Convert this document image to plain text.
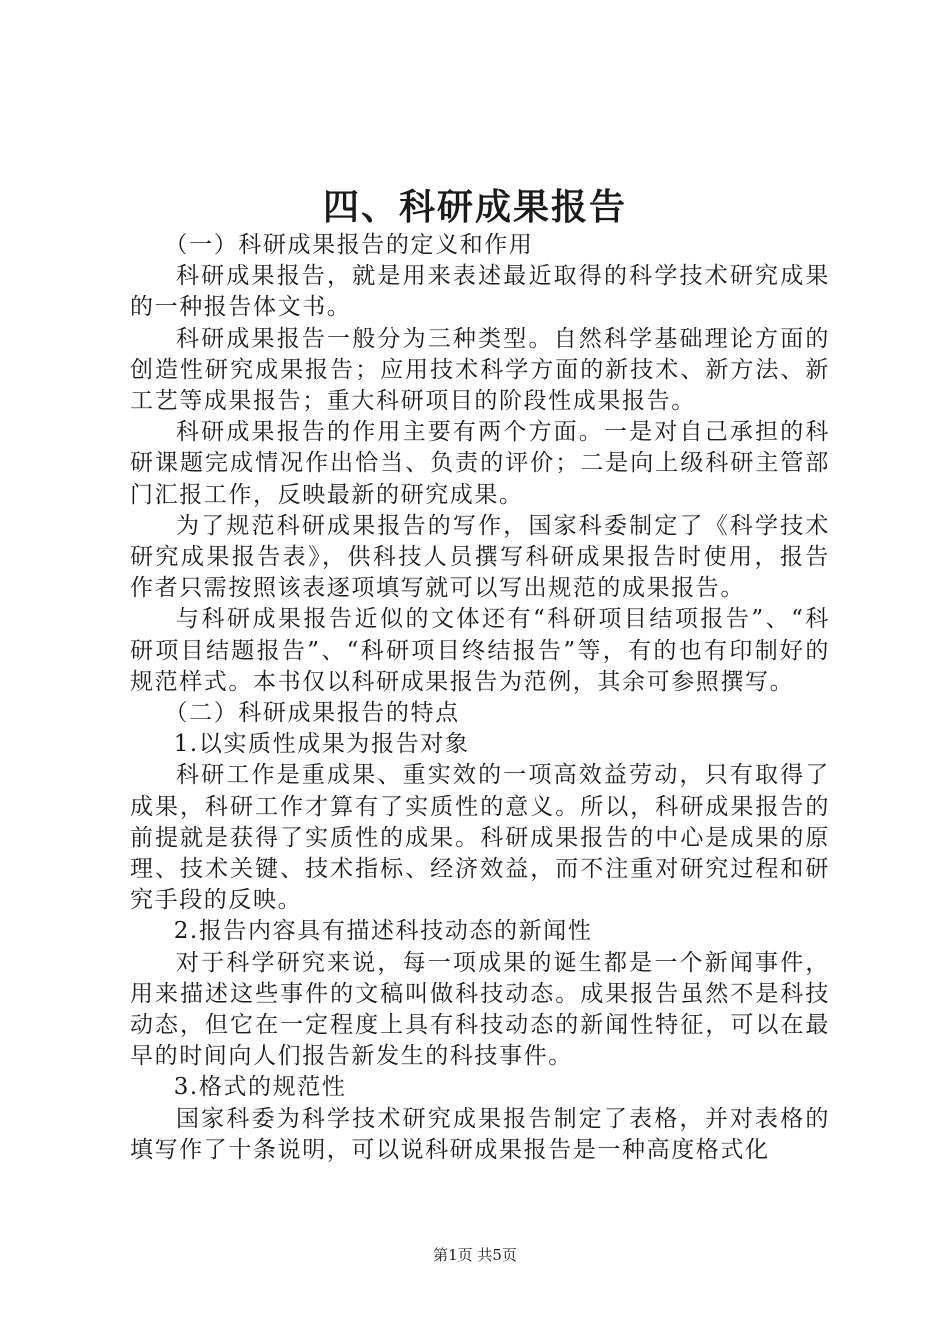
四、科研成果报告

（一）科研成果报告的定义和作用

科研成果报告，就是用来表述最近取得的科学技术研究成果的一种报告体文书。

科研成果报告一般分为三种类型。自然科学基础理论方面的创造性研究成果报告；应用技术科学方面的新技术、新方法、新工艺等成果报告；重大科研项目的阶段性成果报告。

科研成果报告的作用主要有两个方面。一是对自己承担的科研课题完成情况作出恰当、负责的评价；二是向上级科研主管部门汇报工作，反映最新的研究成果。

为了规范科研成果报告的写作，国家科委制定了《科学技术研究成果报告表》，供科技人员撰写科研成果报告时使用，报告作者只需按照该表逐项填写就可以写出规范的成果报告。

与科研成果报告近似的文体还有“科研项目结项报告”、“科研项目结题报告”、“科研项目终结报告”等，有的也有印制好的规范样式。本书仅以科研成果报告为范例，其余可参照撰写。

（二）科研成果报告的特点

1.以实质性成果为报告对象

科研工作是重成果、重实效的一项高效益劳动，只有取得了成果，科研工作才算有了实质性的意义。所以，科研成果报告的前提就是获得了实质性的成果。科研成果报告的中心是成果的原理、技术关键、技术指标、经济效益，而不注重对研究过程和研究手段的反映。

2.报告内容具有描述科技动态的新闻性

对于科学研究来说，每一项成果的诞生都是一个新闻事件，用来描述这些事件的文稿叫做科技动态。成果报告虽然不是科技动态，但它在一定程度上具有科技动态的新闻性特征，可以在最早的时间向人们报告新发生的科技事件。

3.格式的规范性

国家科委为科学技术研究成果报告制定了表格，并对表格的填写作了十条说明，可以说科研成果报告是一种高度格式化

第1页 共5页
